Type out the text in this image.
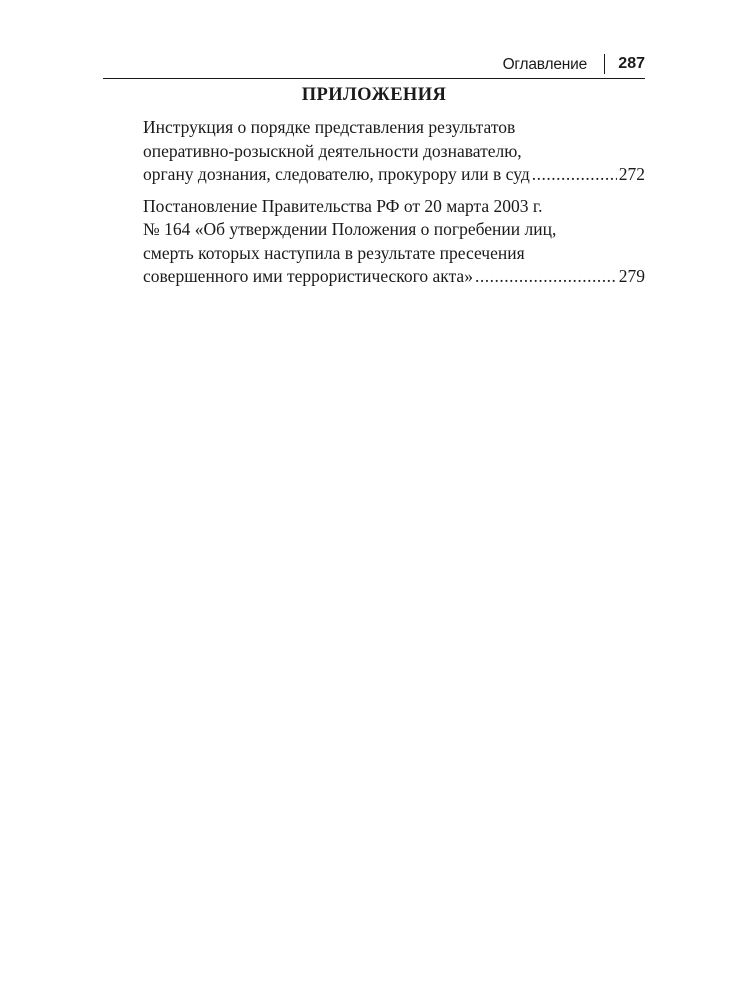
Оглавление 287
ПРИЛОЖЕНИЯ
Инструкция о порядке представления результатов
оперативно-розыскной деятельности дознавателю,
органу дознания, следователю, прокурору или в суд .....	272
Постановление Правительства РФ от 20 марта 2003 г.
№ 164 «Об утверждении Положения о погребении лиц,
смерть которых наступила в результате пресечения
совершенного ими террористического акта» .....	279
